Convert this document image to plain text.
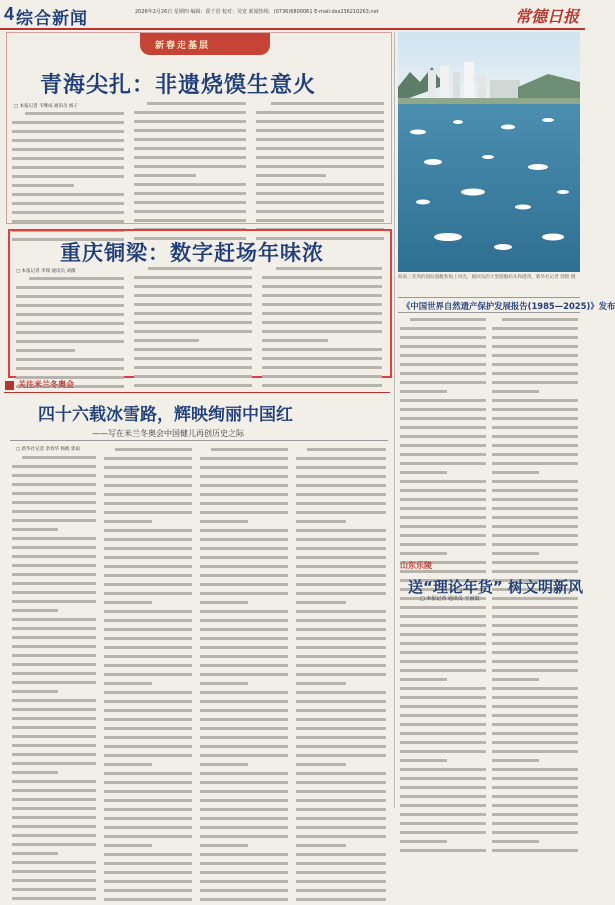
4 综合新闻	2026年2月26日 星期四 编辑：霍千语 校对：吴宽 新闻热线：(0736)6800061 E-mail:dxs236210263.net	常德日报
新春走基层
青海尖扎：非遗烧馍生意火
□ 本报记者 韦继成 通讯员 杨子
重庆铜梁：数字赶场年味浓
□ 本报记者 李瑞 通讯员 刘薇
关注米兰冬奥会
四十六载冰雪路，辉映绚丽中国红
——写在米兰冬奥会中国健儿再创历史之际
□ 新华社记者 余春华 杨帆 郭雨
海南三亚湾的国际游艇和海上风光，鹿回头的大型游艇码头和港湾。新华社记者 郭程 摄
《中国世界自然遗产保护发展报告(1985—2025)》发布
山东乐陵
送“理论年货” 树文明新风
□ 本报记者 通讯员 王丽霞
